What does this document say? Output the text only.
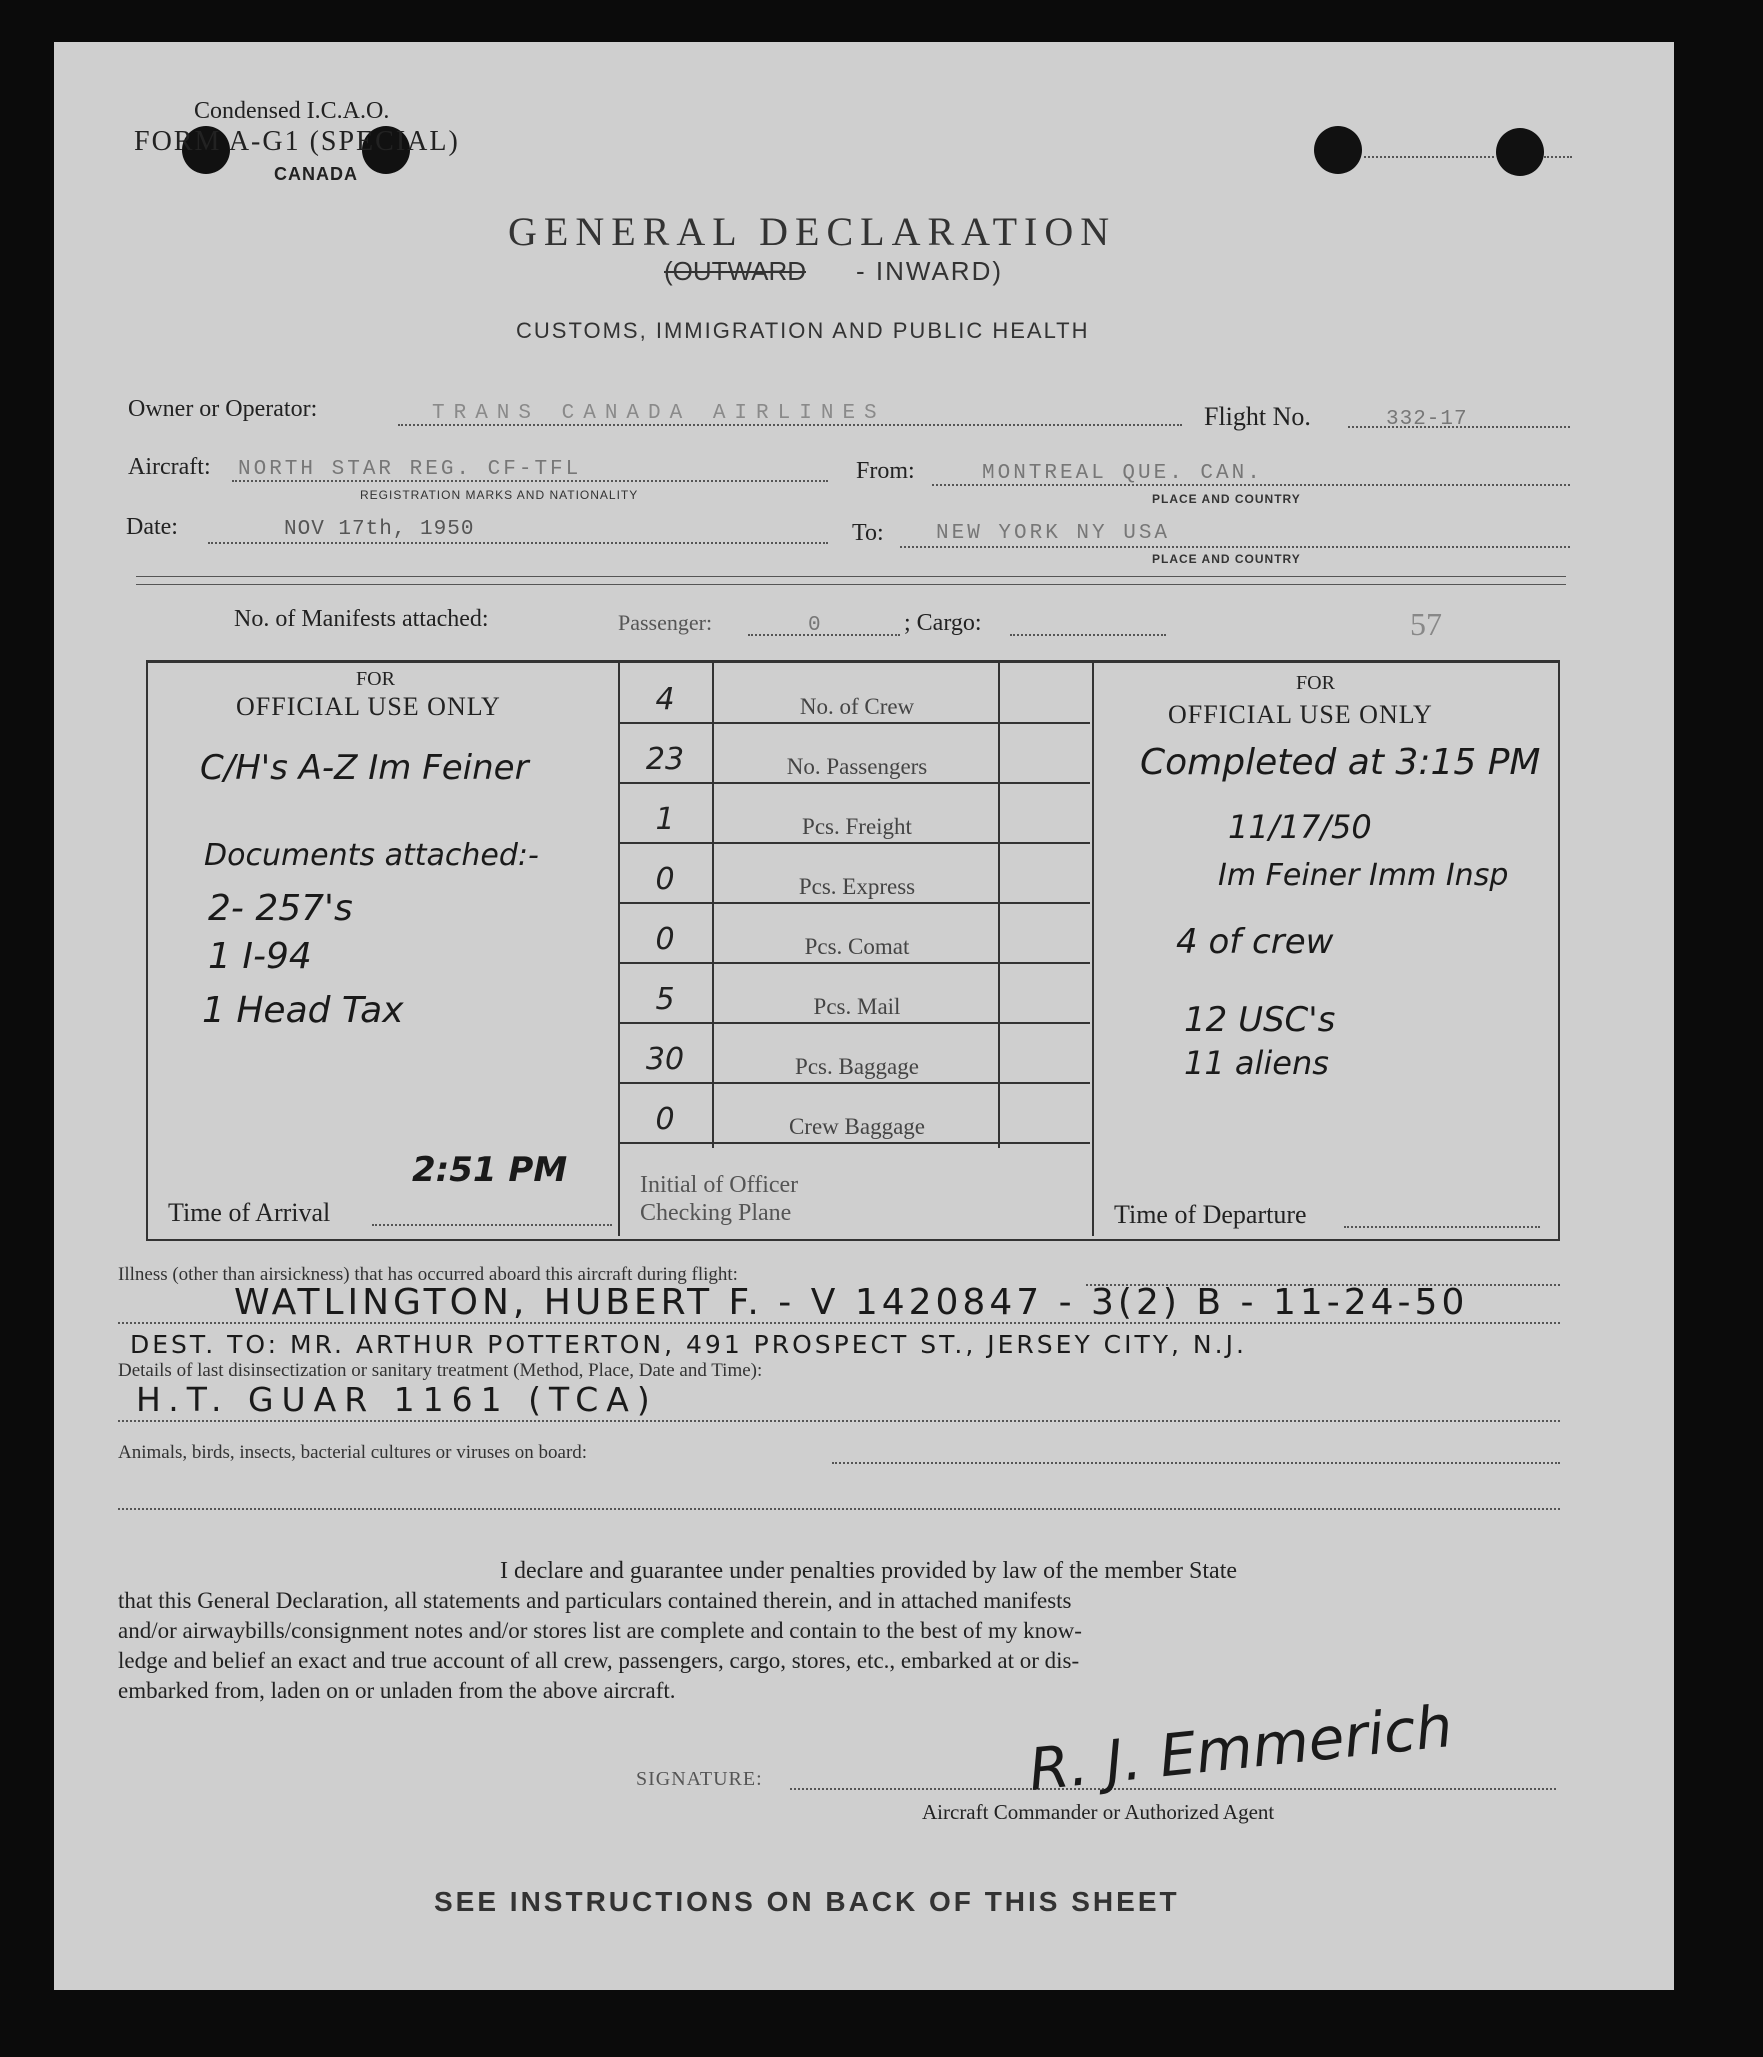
Condensed I.C.A.O.
FORM A-G1 (SPECIAL)
CANADA
GENERAL DECLARATION
(OUTWARD - INWARD)
CUSTOMS, IMMIGRATION AND PUBLIC HEALTH
Owner or Operator:	TRANS CANADA AIRLINES	Flight No.	332-17
Aircraft: NORTH STAR REG. CF-TFL
REGISTRATION MARKS AND NATIONALITY
From:	MONTREAL QUE. CAN.
PLACE AND COUNTRY
Date:	NOV 17th, 1950	To: NEW YORK NY USA
PLACE AND COUNTRY
No. of Manifests attached:	Passenger:	0	; Cargo:	57
FOR
OFFICIAL USE ONLY
C/H's A-Z Im Feiner
Documents attached:-
2- 257's
1 I-94
1 Head Tax
Time of Arrival
2:51 PM
4	No. of Crew
23	No. Passengers
1	Pcs. Freight
0	Pcs. Express
0	Pcs. Comat
5	Pcs. Mail
30	Pcs. Baggage
0	Crew Baggage
Initial of Officer
Checking Plane
FOR
OFFICIAL USE ONLY
Completed at 3:15 PM
11/17/50
Im Feiner Imm Insp
4 of crew
12 USC's
11 aliens
Time of Departure
Illness (other than airsickness) that has occurred aboard this aircraft during flight:
WATLINGTON, HUBERT F. - V 1420847 - 3(2) B - 11-24-50
DEST. TO: MR. ARTHUR POTTERTON, 491 PROSPECT ST., JERSEY CITY, N.J.
Details of last disinsectization or sanitary treatment (Method, Place, Date and Time):
H.T. GUAR 1161 (TCA)
Animals, birds, insects, bacterial cultures or viruses on board:
I declare and guarantee under penalties provided by law of the member State
that this General Declaration, all statements and particulars contained therein, and in attached manifests
and/or airwaybills/consignment notes and/or stores list are complete and contain to the best of my know-
ledge and belief an exact and true account of all crew, passengers, cargo, stores, etc., embarked at or dis-
embarked from, laden on or unladen from the above aircraft.
SIGNATURE:	R. J. Emmerich
Aircraft Commander or Authorized Agent
SEE INSTRUCTIONS ON BACK OF THIS SHEET
